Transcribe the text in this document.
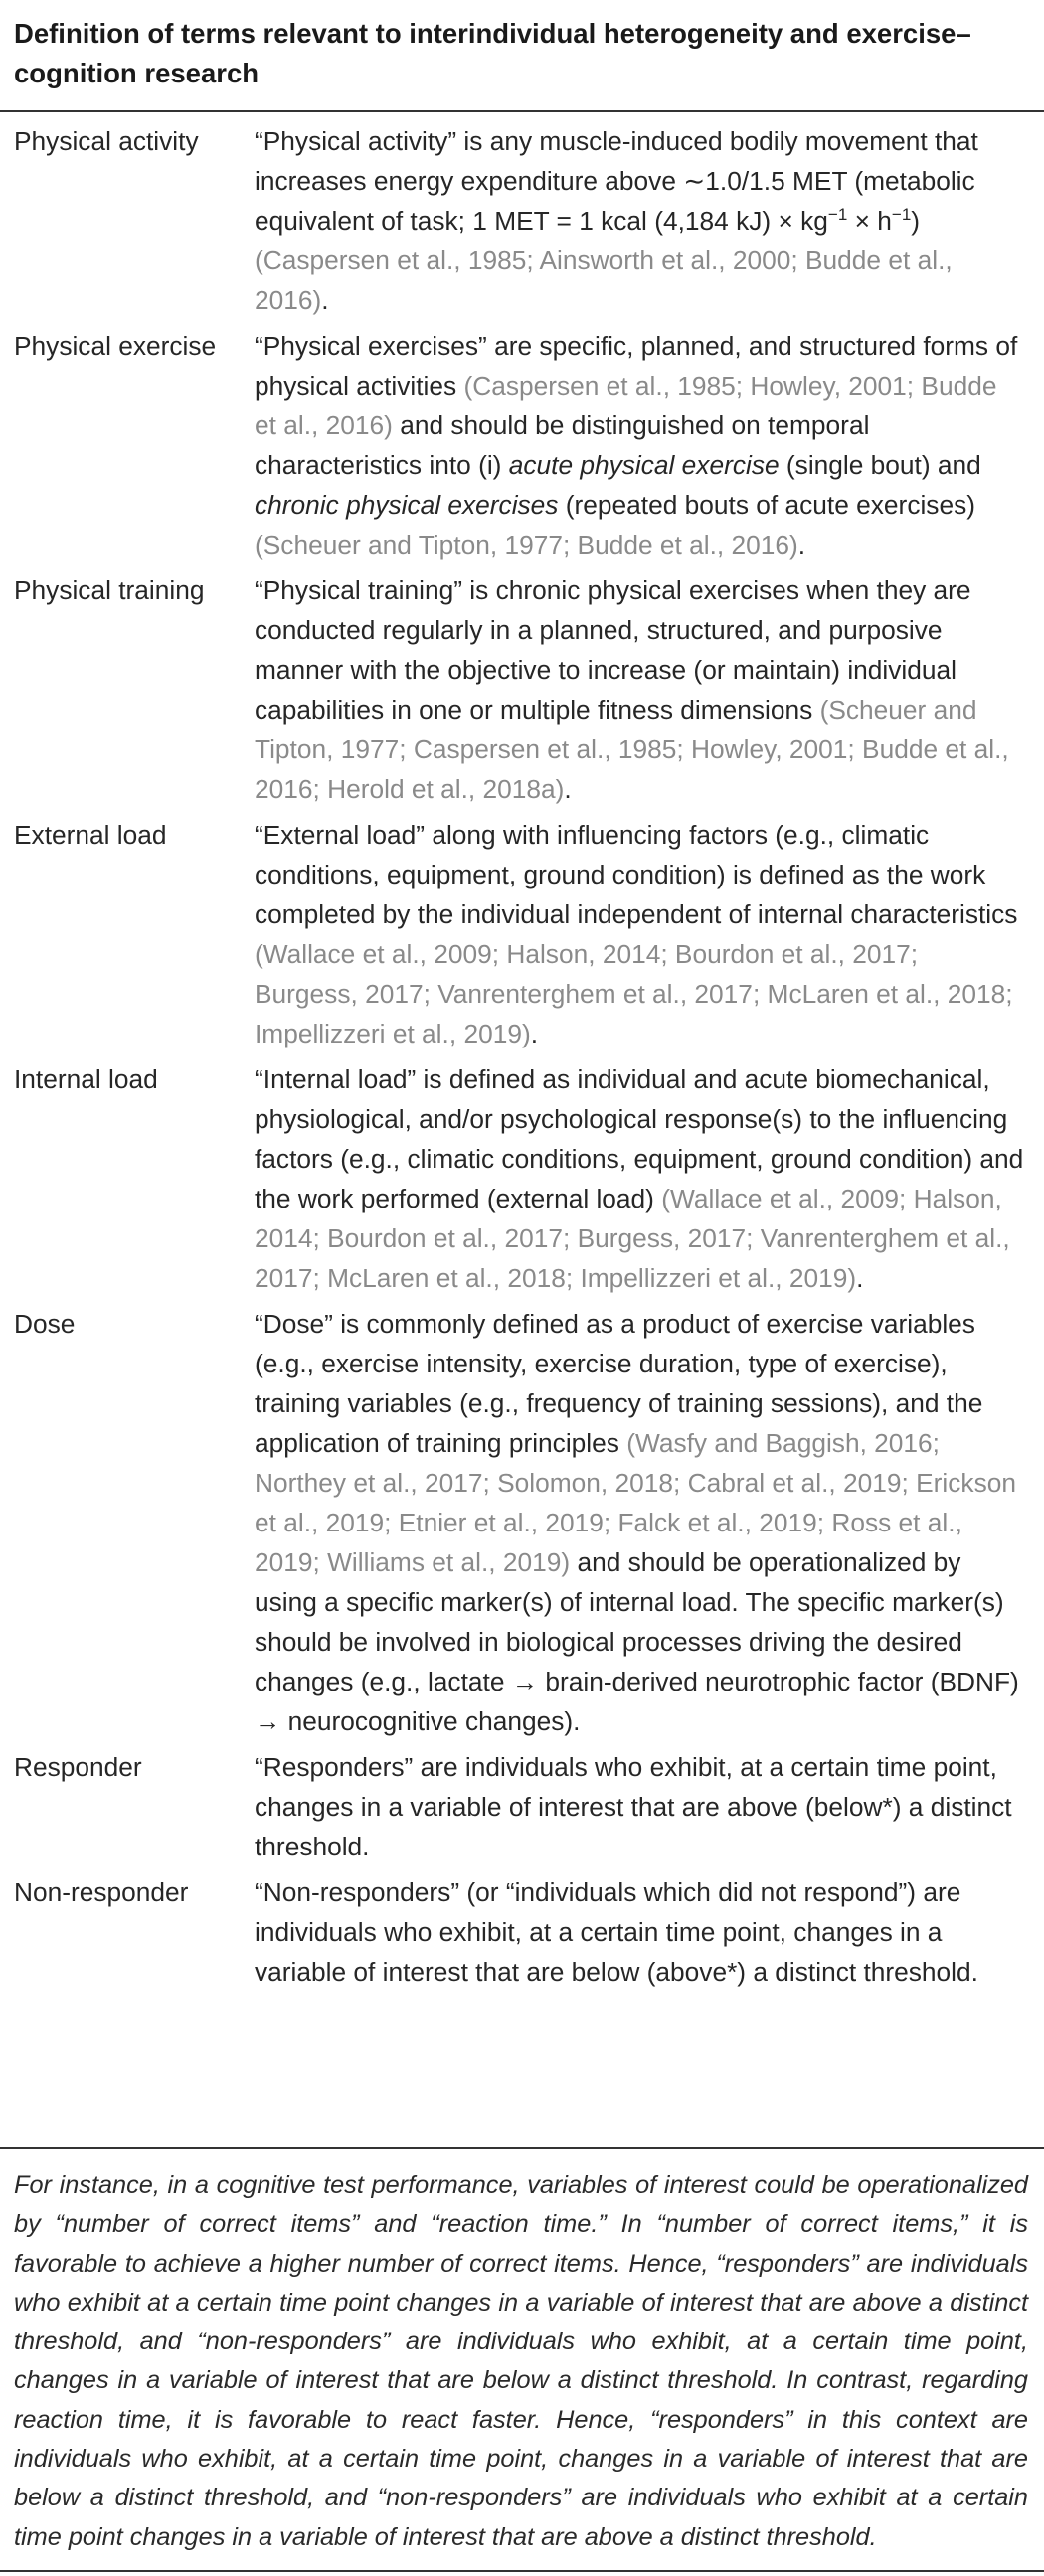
Definition of terms relevant to interindividual heterogeneity and exercise–cognition research
Physical activity	“Physical activity” is any muscle-induced bodily movement that increases energy expenditure above ∼1.0/1.5 MET (metabolic equivalent of task; 1 MET = 1 kcal (4,184 $kJ) \times kg^{-1} \times h^{-1}$) (Caspersen et al., 1985; Ainsworth et al., 2000; Budde et al., 2016).
Physical exercise	“Physical exercises” are specific, planned, and structured forms of physical activities (Caspersen et al., 1985; Howley, 2001; Budde et al., 2016) and should be distinguished on temporal characteristics into (i) acute physical exercise (single bout) and chronic physical exercises (repeated bouts of acute exercises) (Scheuer and Tipton, 1977; Budde et al., 2016).
Physical training	“Physical training” is chronic physical exercises when they are conducted regularly in a planned, structured, and purposive manner with the objective to increase (or maintain) individual capabilities in one or multiple fitness dimensions (Scheuer and Tipton, 1977; Caspersen et al., 1985; Howley, 2001; Budde et al., 2016; Herold et al., 2018a).
External load	“External load” along with influencing factors (e.g., climatic conditions, equipment, ground condition) is defined as the work completed by the individual independent of internal characteristics (Wallace et al., 2009; Halson, 2014; Bourdon et al., 2017; Burgess, 2017; Vanrenterghem et al., 2017; McLaren et al., 2018; Impellizzeri et al., 2019).
Internal load	“Internal load” is defined as individual and acute biomechanical, physiological, and/or psychological response(s) to the influencing factors (e.g., climatic conditions, equipment, ground condition) and the work performed (external load) (Wallace et al., 2009; Halson, 2014; Bourdon et al., 2017; Burgess, 2017; Vanrenterghem et al., 2017; McLaren et al., 2018; Impellizzeri et al., 2019).
Dose	“Dose” is commonly defined as a product of exercise variables (e.g., exercise intensity, exercise duration, type of exercise), training variables (e.g., frequency of training sessions), and the application of training principles (Wasfy and Baggish, 2016; Northey et al., 2017; Solomon, 2018; Cabral et al., 2019; Erickson et al., 2019; Etnier et al., 2019; Falck et al., 2019; Ross et al., 2019; Williams et al., 2019) and should be operationalized by using a specific marker(s) of internal load. The specific marker(s) should be involved in biological processes driving the desired changes (e.g., lactate → brain-derived neurotrophic factor (BDNF) → neurocognitive changes).
Responder	“Responders” are individuals who exhibit, at a certain time point, changes in a variable of interest that are above (below*) a distinct threshold.
Non-responder	“Non-responders” (or “individuals which did not respond”) are individuals who exhibit, at a certain time point, changes in a variable of interest that are below (above*) a distinct threshold.
For instance, in a cognitive test performance, variables of interest could be operationalized by “number of correct items” and “reaction time.” In “number of correct items,” it is favorable to achieve a higher number of correct items. Hence, “responders” are individuals who exhibit at a certain time point changes in a variable of interest that are above a distinct threshold, and “non-responders” are individuals who exhibit, at a certain time point, changes in a variable of interest that are below a distinct threshold. In contrast, regarding reaction time, it is favorable to react faster. Hence, “responders” in this context are individuals who exhibit, at a certain time point, changes in a variable of interest that are below a distinct threshold, and “non-responders” are individuals who exhibit at a certain time point changes in a variable of interest that are above a distinct threshold.
